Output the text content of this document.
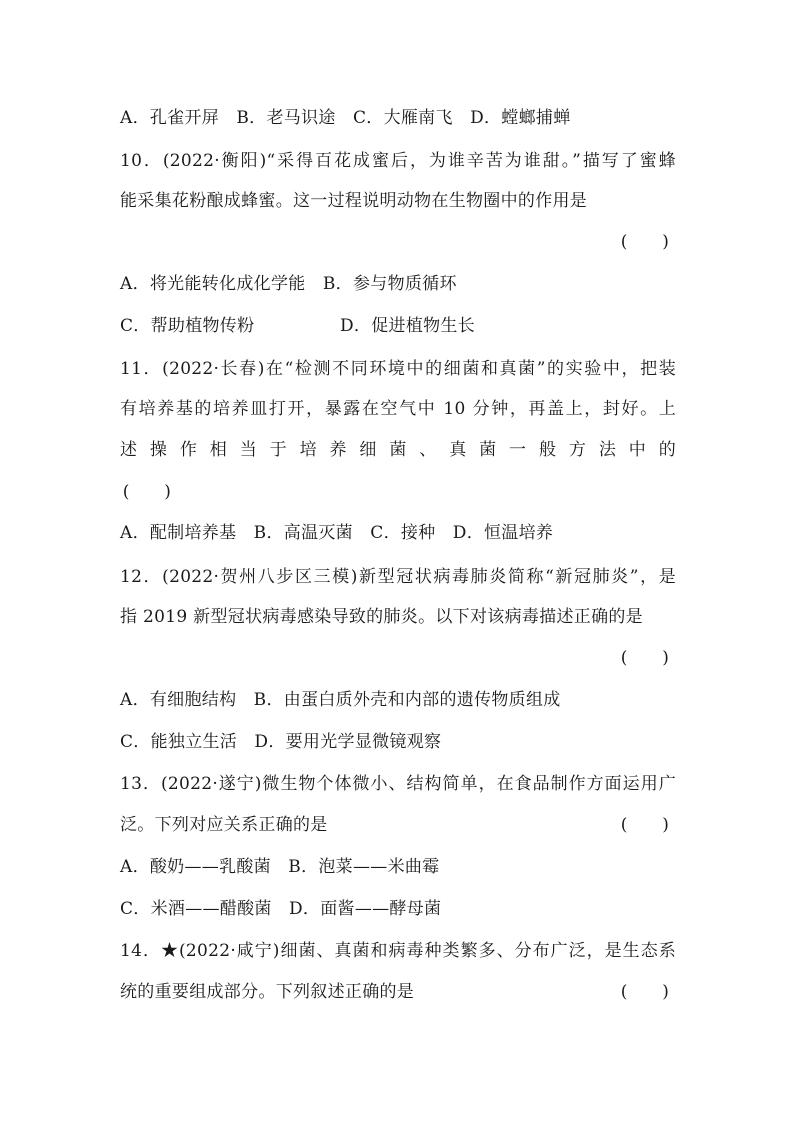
A．孔雀开屏　B．老马识途　C．大雁南飞　D．螳螂捕蝉
10．(2022·衡阳)“采得百花成蜜后，为谁辛苦为谁甜。”描写了蜜蜂
能采集花粉酿成蜂蜜。这一过程说明动物在生物圈中的作用是
(　　)
A．将光能转化成化学能　B．参与物质循环
C．帮助植物传粉	D．促进植物生长
11．(2022·长春)在“检测不同环境中的细菌和真菌”的实验中，把装
有培养基的培养皿打开，暴露在空气中 10 分钟，再盖上，封好。上
述操作相当于培养细菌、真菌一般方法中的
(　　)
A．配制培养基　B．高温灭菌　C．接种　D．恒温培养
12．(2022·贺州八步区三模)新型冠状病毒肺炎简称“新冠肺炎”，是
指 2019 新型冠状病毒感染导致的肺炎。以下对该病毒描述正确的是
(　　)
A．有细胞结构　B．由蛋白质外壳和内部的遗传物质组成
C．能独立生活　D．要用光学显微镜观察
13．(2022·遂宁)微生物个体微小、结构简单，在食品制作方面运用广
泛。下列对应关系正确的是	(　　)
A．酸奶——乳酸菌　B．泡菜——米曲霉
C．米酒——醋酸菌　D．面酱——酵母菌
14．★(2022·咸宁)细菌、真菌和病毒种类繁多、分布广泛，是生态系
统的重要组成部分。下列叙述正确的是	(　　)
